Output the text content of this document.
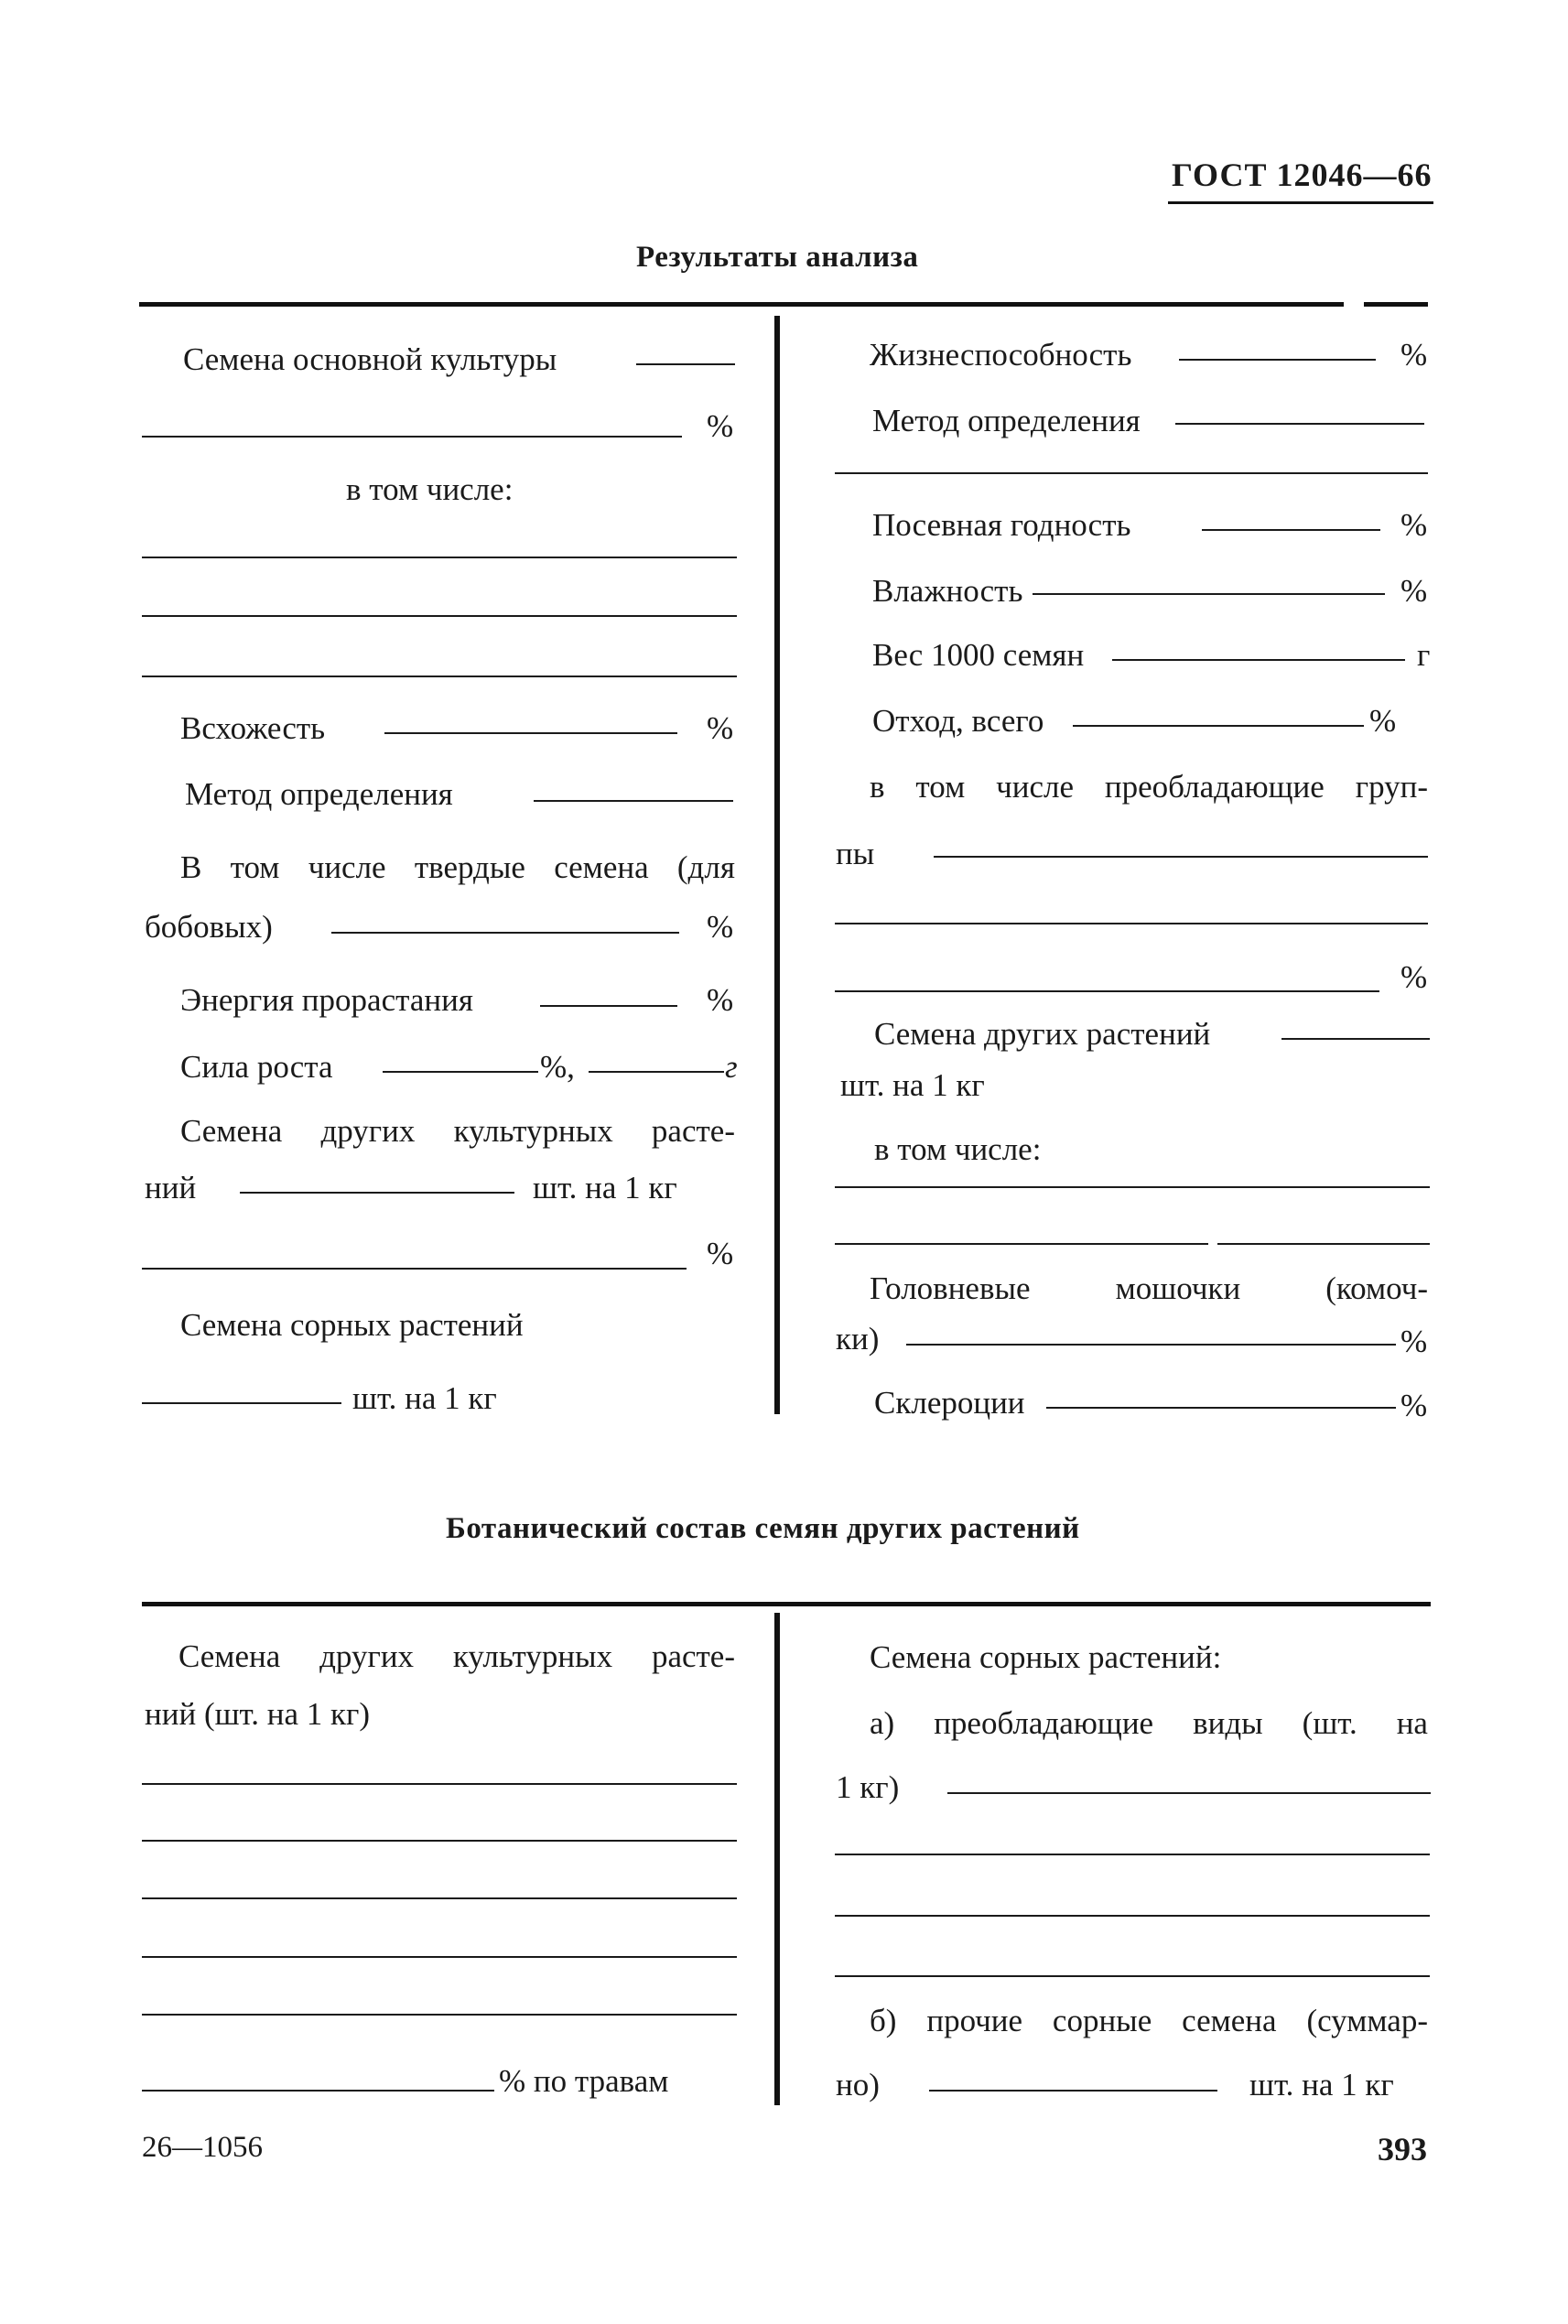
ГОСТ 12046—66
Результаты анализа
Семена основной культуры
%
в том числе:
Всхожесть	%
Метод определения
В том числе твердые семена (для
бобовых)	%
Энергия прорастания	%
Сила роста	%,	г
Семена других культурных расте-
ний	шт. на 1 кг
%
Семена сорных растений
шт. на 1 кг
Жизнеспособность	%
Метод определения
Посевная годность	%
Влажность	%
Вес 1000 семян	г
Отход, всего	%
в том числе преобладающие груп-
пы
%
Семена других растений
шт. на 1 кг
в том числе:
Головневые	мошочки	(комоч-
ки)	%
Склероции	%
Ботанический состав семян других растений
Семена других культурных расте-
ний (шт. на 1 кг)
% по травам
Семена сорных растений:
а) преобладающие виды (шт. на
1 кг)
б) прочие сорные семена (суммар-
но)	шт. на 1 кг
26—1056	393
